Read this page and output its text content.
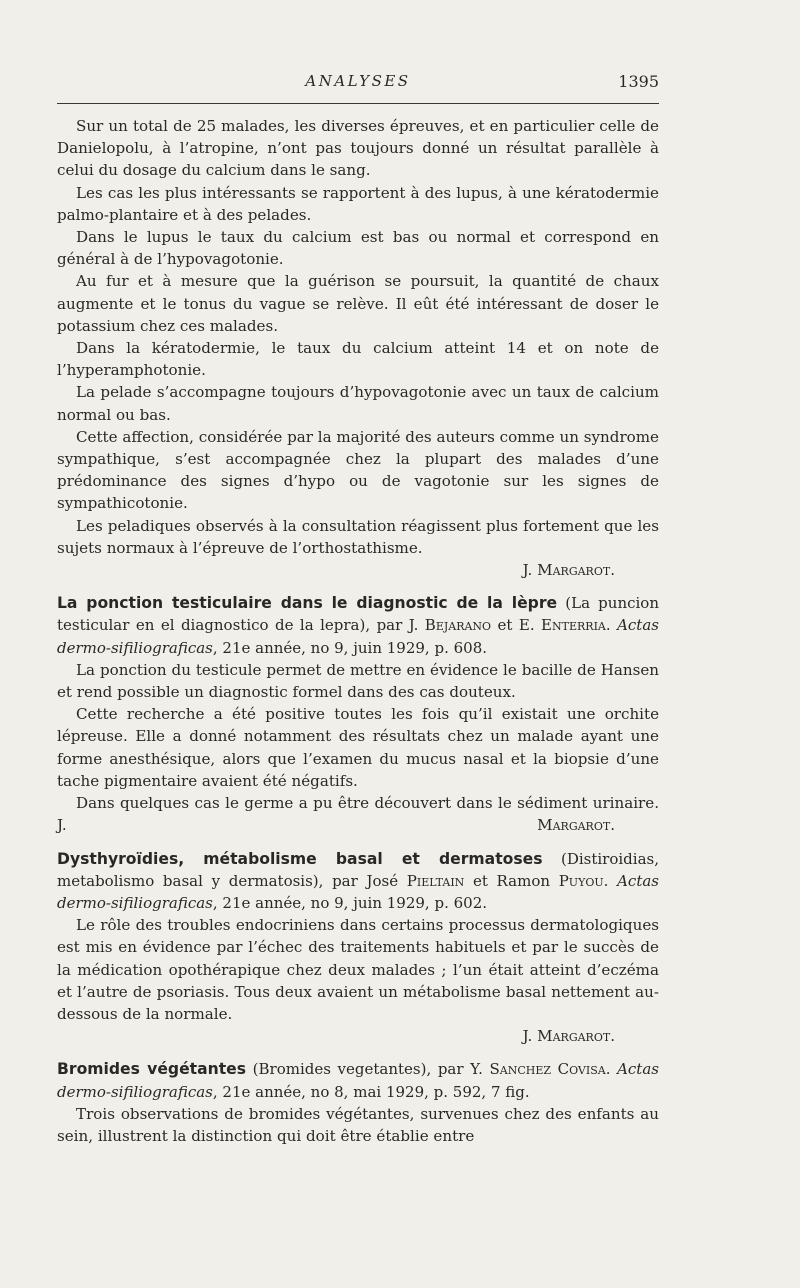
ANALYSES	1395

Sur un total de 25 malades, les diverses épreuves, et en particulier celle de Danielopolu, à l’atropine, n’ont pas toujours donné un résultat parallèle à celui du dosage du calcium dans le sang.

Les cas les plus intéressants se rapportent à des lupus, à une kératodermie palmo-plantaire et à des pelades.

Dans le lupus le taux du calcium est bas ou normal et correspond en général à de l’hypovagotonie.

Au fur et à mesure que la guérison se poursuit, la quantité de chaux augmente et le tonus du vague se relève. Il eût été intéressant de doser le potassium chez ces malades.

Dans la kératodermie, le taux du calcium atteint 14 et on note de l’hyperamphotonie.

La pelade s’accompagne toujours d’hypovagotonie avec un taux de calcium normal ou bas.

Cette affection, considérée par la majorité des auteurs comme un syndrome sympathique, s’est accompagnée chez la plupart des malades d’une prédominance des signes d’hypo ou de vagotonie sur les signes de sympathicotonie.

Les peladiques observés à la consultation réagissent plus fortement que les sujets normaux à l’épreuve de l’orthostathisme.

J. Margarot.

La ponction testiculaire dans le diagnostic de la lèpre (La puncion testicular en el diagnostico de la lepra), par J. Bejarano et E. Enterria. Actas dermo-sifiliograficas, 21e année, no 9, juin 1929, p. 608.

La ponction du testicule permet de mettre en évidence le bacille de Hansen et rend possible un diagnostic formel dans des cas douteux.

Cette recherche a été positive toutes les fois qu’il existait une orchite lépreuse. Elle a donné notamment des résultats chez un malade ayant une forme anesthésique, alors que l’examen du mucus nasal et la biopsie d’une tache pigmentaire avaient été négatifs.

Dans quelques cas le germe a pu être découvert dans le sédiment urinaire. J. Margarot.

Dysthyroïdies, métabolisme basal et dermatoses (Distiroidias, metabolismo basal y dermatosis), par José Pieltain et Ramon Puyou. Actas dermo-sifiliograficas, 21e année, no 9, juin 1929, p. 602.

Le rôle des troubles endocriniens dans certains processus dermatologiques est mis en évidence par l’échec des traitements habituels et par le succès de la médication opothérapique chez deux malades ; l’un était atteint d’eczéma et l’autre de psoriasis. Tous deux avaient un métabolisme basal nettement au-dessous de la normale.

J. Margarot.

Bromides végétantes (Bromides vegetantes), par Y. Sanchez Covisa. Actas dermo-sifiliograficas, 21e année, no 8, mai 1929, p. 592, 7 fig.

Trois observations de bromides végétantes, survenues chez des enfants au sein, illustrent la distinction qui doit être établie entre
